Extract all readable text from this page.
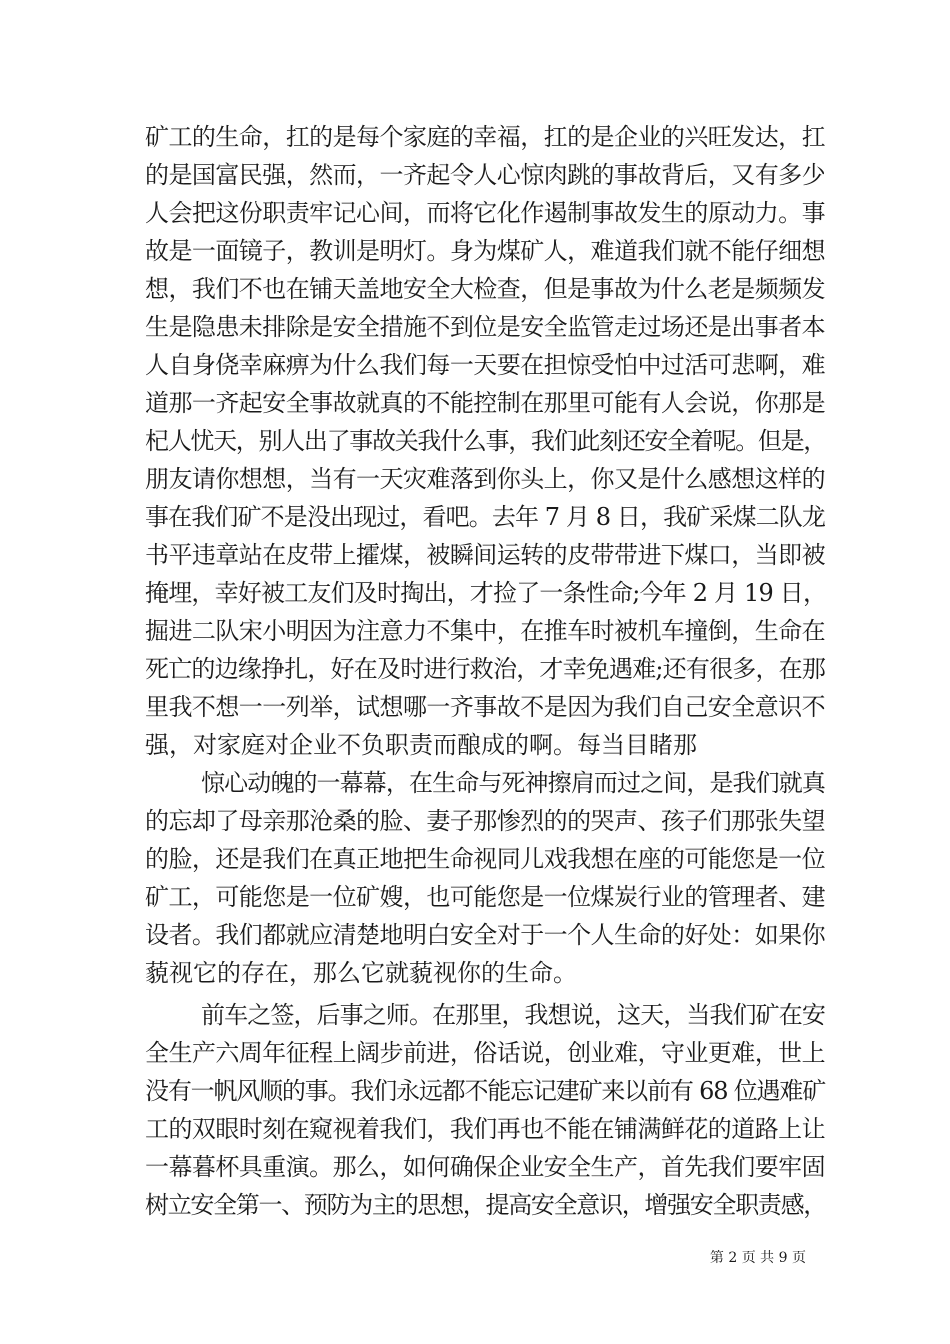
矿工的生命，扛的是每个家庭的幸福，扛的是企业的兴旺发达，扛
的是国富民强，然而，一齐起令人心惊肉跳的事故背后，又有多少
人会把这份职责牢记心间，而将它化作遏制事故发生的原动力。事
故是一面镜子，教训是明灯。身为煤矿人，难道我们就不能仔细想
想，我们不也在铺天盖地安全大检查，但是事故为什么老是频频发
生是隐患未排除是安全措施不到位是安全监管走过场还是出事者本
人自身侥幸麻痹为什么我们每一天要在担惊受怕中过活可悲啊，难
道那一齐起安全事故就真的不能控制在那里可能有人会说，你那是
杞人忧天，别人出了事故关我什么事，我们此刻还安全着呢。但是，
朋友请你想想，当有一天灾难落到你头上，你又是什么感想这样的
事在我们矿不是没出现过，看吧。去年 7 月 8 日，我矿采煤二队龙
书平违章站在皮带上攉煤，被瞬间运转的皮带带进下煤口，当即被
掩埋，幸好被工友们及时掏出，才捡了一条性命;今年 2 月 19 日，
掘进二队宋小明因为注意力不集中，在推车时被机车撞倒，生命在
死亡的边缘挣扎，好在及时进行救治，才幸免遇难;还有很多，在那
里我不想一一列举，试想哪一齐事故不是因为我们自己安全意识不
强，对家庭对企业不负职责而酿成的啊。每当目睹那
惊心动魄的一幕幕，在生命与死神擦肩而过之间，是我们就真
的忘却了母亲那沧桑的脸、妻子那惨烈的的哭声、孩子们那张失望
的脸，还是我们在真正地把生命视同儿戏我想在座的可能您是一位
矿工，可能您是一位矿嫂，也可能您是一位煤炭行业的管理者、建
设者。我们都就应清楚地明白安全对于一个人生命的好处：如果你
藐视它的存在，那么它就藐视你的生命。
前车之签，后事之师。在那里，我想说，这天，当我们矿在安
全生产六周年征程上阔步前进，俗话说，创业难，守业更难，世上
没有一帆风顺的事。我们永远都不能忘记建矿来以前有 68 位遇难矿
工的双眼时刻在窥视着我们，我们再也不能在铺满鲜花的道路上让
一幕暮杯具重演。那么，如何确保企业安全生产，首先我们要牢固
树立安全第一、预防为主的思想，提高安全意识，增强安全职责感，
第 2 页 共 9 页
